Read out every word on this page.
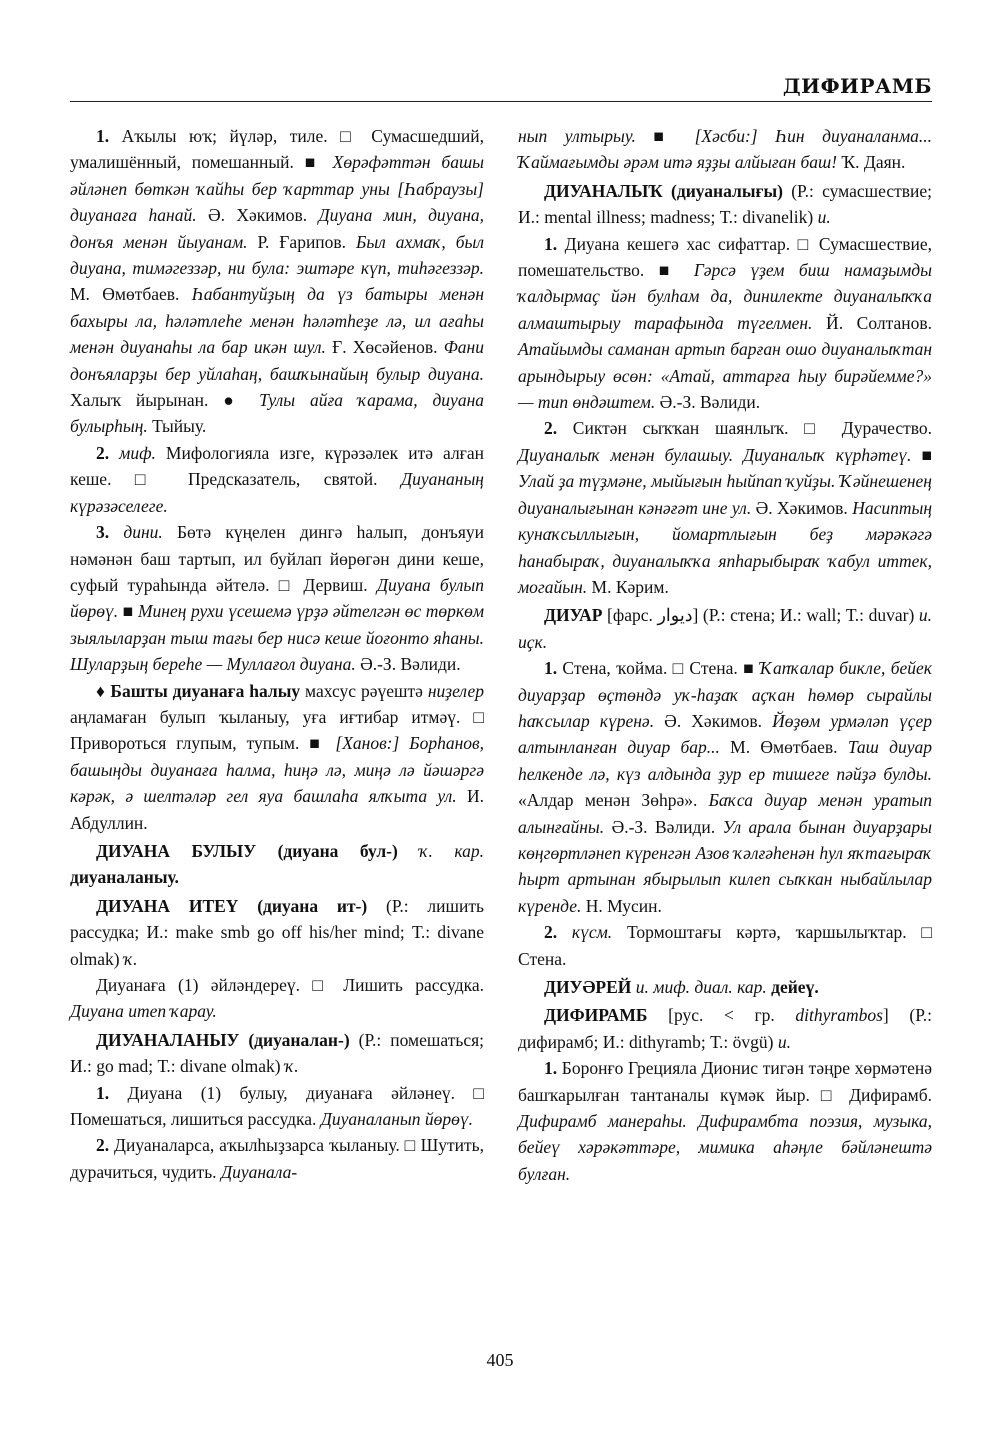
ДИФИРАМБ

1. Аҡылы юҡ; йүләр, тиле. □ Сумасшедший, умалишённый, помешанный. ■ Хөрәфәттән башы әйләнеп бөткән ҡайһы бер ҡарттар уны [Һабраузы] диуанаға һанай. Ә. Хәкимов. Диуана мин, диуана, донъя менән йыуанам. Р. Ғарипов. Был ахмаҡ, был диуана, тимәгеззәр, ни була: эштәре күп, тиһәгеззәр. М. Өмөтбаев. Һабантуйҙың да үз батыры менән бахыры ла, һәләтлеһе менән һәләтһеҙе лә, ил ағаһы менән диуанаһы ла бар икән шул. Ғ. Хөсәйенов. Фани донъяларҙы бер уйлаһаң, башҡынайың булыр диуана. Халыҡ йырынан. ● Тулы айға ҡарама, диуана булырһың. Тыйыу.

2. миф. Мифологияла изге, күрәзәлек итә алған кеше. □ Предсказатель, святой. Диуананың күрәзәселеге.

3. дини. Бөтә күңелен дингә һалып, донъяуи нәмәнән баш тартып, ил буйлап йөрөгән дини кеше, суфый тураһында әйтелә. □ Дервиш. Диуана булып йөрөү. ■ Минең рухи үсешемә үрҙә әйтелгән өс төркөм зыялыларҙан тыш тағы бер нисә кеше йоғонто яһаны. Шуларҙың береһе — Муллағол диуана. Ә.-З. Вәлиди.

♦ Башты диуанаға һалыу махсус рәүештә ниҙелер аңламаған булып ҡыланыу, уға иғтибар итмәү. □ Привороться глупым, тупым. ■ [Ханов:] Борһанов, башыңды диуанаға һалма, һиңә лә, миңә лә йәшәргә кәрәк, ә шелтәләр гел яуа башлаһа ялҡыта ул. И. Абдуллин.

ДИУАНА БУЛЫУ (диуана бул-) ҡ. кар. диуаналаныу.

ДИУАНА ИТЕҮ (диуана ит-) (Р.: лишить рассудка; И.: make smb go off his/her mind; Т.: divane olmak) ҡ.

Диуанаға (1) әйләндереү. □ Лишить рассудка. Диуана итеп ҡарау.

ДИУАНАЛАНЫУ (диуаналан-) (Р.: помешаться; И.: go mad; Т.: divane olmak) ҡ.

1. Диуана (1) булыу, диуанаға әйләнеү. □ Помешаться, лишиться рассудка. Диуаналанып йөрөү.

2. Диуаналарса, аҡылһыҙзарса ҡыланыу. □ Шутить, дурачиться, чудить. Диуанала-

нып ултырыу. ■ [Хәсби:] Һин диуаналанма... Ҡаймағымды әрәм итә яҙҙы алйыған баш! Ҡ. Даян.

ДИУАНАЛЫҠ (диуаналығы) (Р.: сумасшествие; И.: mental illness; madness; Т.: divanelik) и.

1. Диуана кешегә хас сифаттар. □ Сумасшествие, помешательство. ■ Гәрсә үҙем биш намаҙымды ҡалдырмаҫ йән булһам да, динилекте диуаналыҡҡа алмаштырыу тарафында түгелмен. Й. Солтанов. Атайымды саманан артып барған ошо диуаналыҡтан арындырыу өсөн: «Атай, аттарға һыу бирәйемме?» — тип өндәштем. Ә.-З. Вәлиди.

2. Сиктән сыҡҡан шаянлыҡ. □ Дурачество. Диуаналыҡ менән булашыу. Диуаналыҡ күрһәтеү. ■ Улай ҙа түҙмәне, мыйығын һыйпап ҡуйҙы. Ҡәйнешенең диуаналығынан кәнәғәт ине ул. Ә. Хәкимов. Насиптың кунаҡсыллығын, йомартлығын беҙ мәрәкәгә һанабыраҡ, диуаналыҡҡа япһарыбыраҡ ҡабул иттек, могайын. М. Кәрим.

ДИУАР [фарс. دیوار] (Р.: стена; И.: wall; Т.: duvar) и. иҫк.

1. Стена, ҡойма. □ Стена. ■ Ҡапҡалар бикле, бейек диуарҙар өҫтөндә уҡ-һаҙаҡ аҫҡан һөмөр сырайлы һаҡсылар күренә. Ә. Хәкимов. Йөҙөм урмәләп үҫер алтынланған диуар бар... М. Өмөтбаев. Таш диуар һелкенде лә, күз алдында ҙур ер тишеге пәйҙә булды. «Алдар менән Зөһрә». Баҡса диуар менән уратып алынғайны. Ә.-З. Вәлиди. Ул арала бынан диуарҙары көңгөртләнеп күренгән Азов ҡәлғәһенән һул яҡтағыраҡ һырт артынан ябырылып килеп сыҡкан ныбайлылар күренде. Н. Мусин.

2. күсм. Тормоштағы кәртә, ҡаршылыҡтар. □ Стена.

ДИУӘРЕЙ и. миф. диал. кар. дейеү.

ДИФИРАМБ [рус. < гр. dithyrambos] (Р.: дифирамб; И.: dithyramb; Т.: övgü) и.

1. Боронғо Грецияла Дионис тигән тәңре хөрмәтенә башҡарылған тантаналы күмәк йыр. □ Дифирамб. Дифирамб манераһы. Дифирамбта поэзия, музыка, бейеү хәрәкәттәре, мимика аһәңле бәйләнештә булған.

405
